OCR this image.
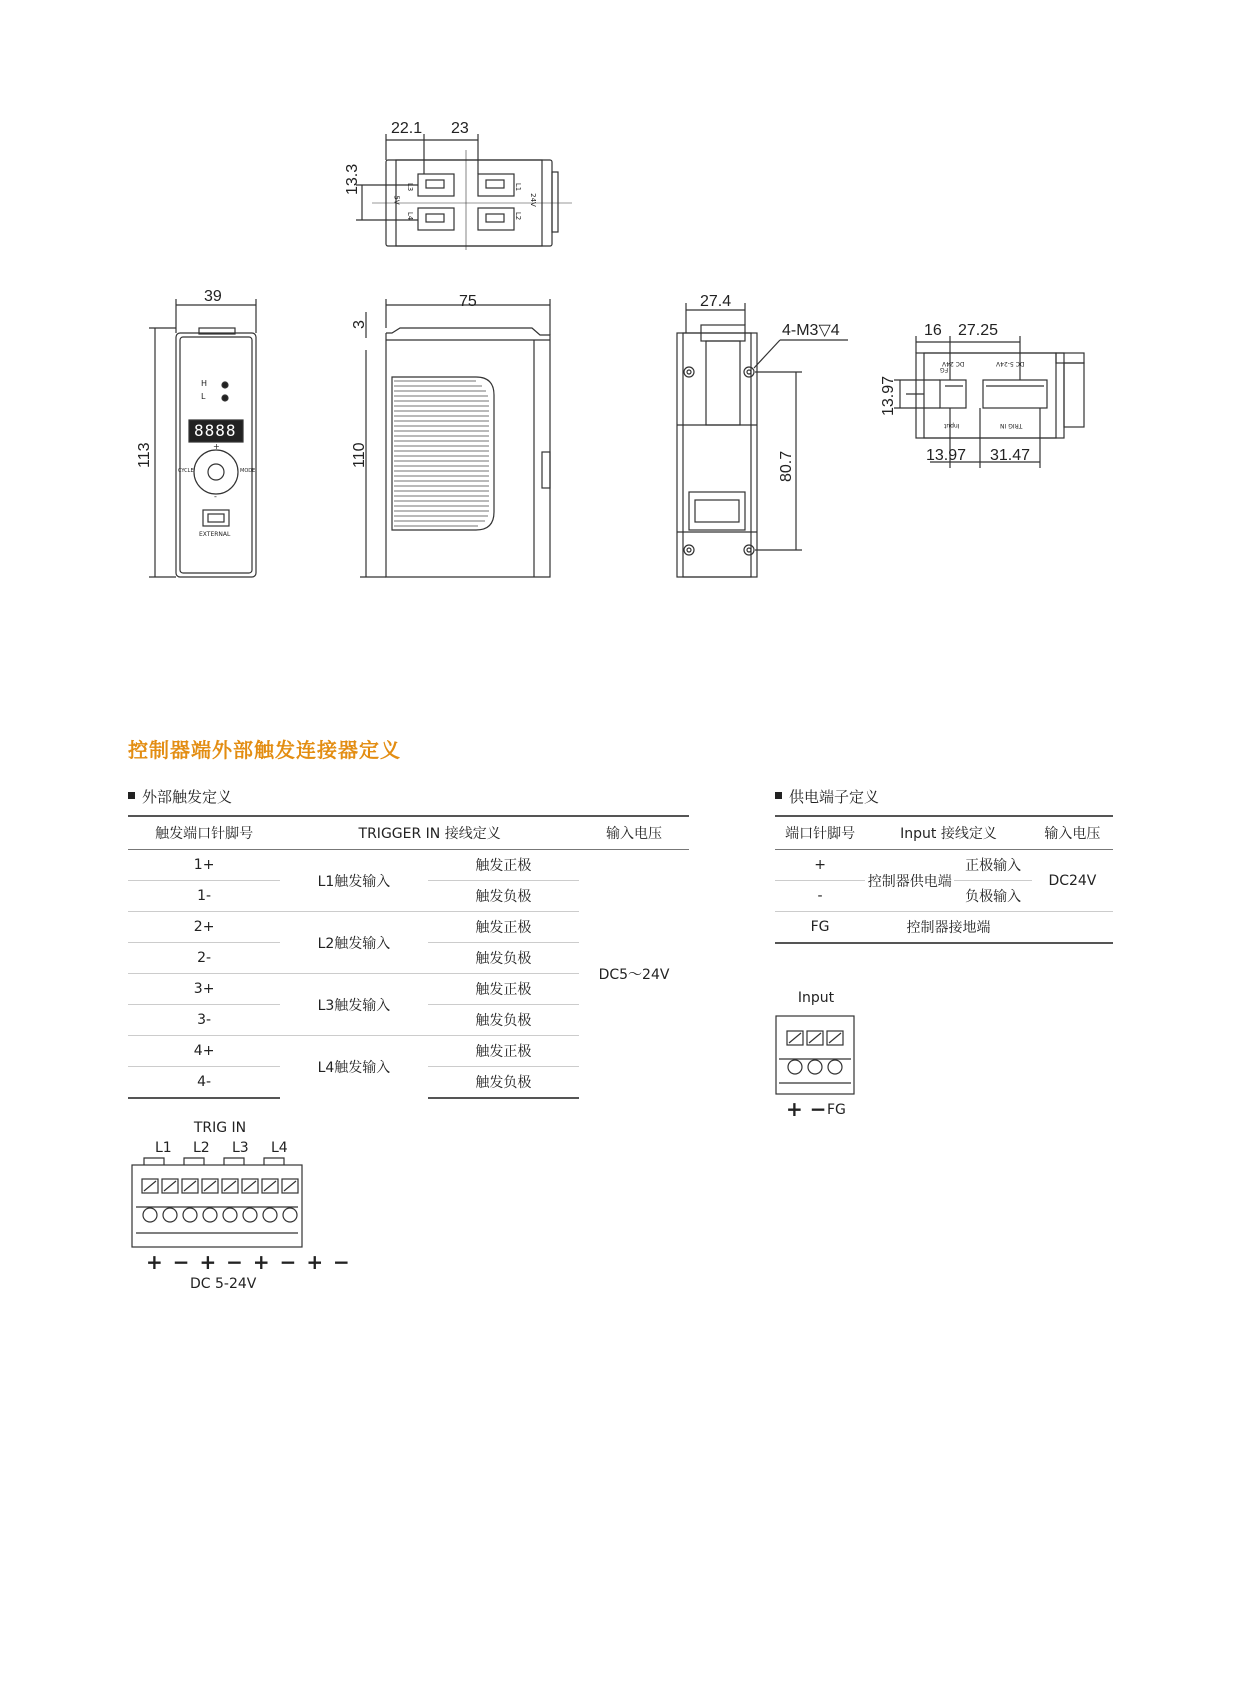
22.1 23
13.3	L3
5V
L4
L1
24V
L2
39
113
H
L
8888
+
-
CYCLE	MODE
EXTERNAL
75
3
110
27.4
4-M3▽4
80.7
16 27.25
13.97
13.97 31.47
DC 24V	DC 5-24V
Input	TRIG IN
FG
控制器端外部触发连接器定义
外部触发定义
触发端口针脚号	TRIGGER IN 接线定义		输入电压
1+	L1触发输入	触发正极	DC5～24V
1-		触发负极	
2+	L2触发输入	触发正极	
2-		触发负极	
3+	L3触发输入	触发正极	
3-		触发负极	
4+	L4触发输入	触发正极	
4-		触发负极	
供电端子定义
端口针脚号	Input 接线定义		输入电压
+	控制器供电端	正极输入	DC24V
-		负极输入	
FG	控制器接地端		
Input
+ − FG
TRIG IN
L1 L2 L3 L4
+ − + − + − + −
DC 5-24V
